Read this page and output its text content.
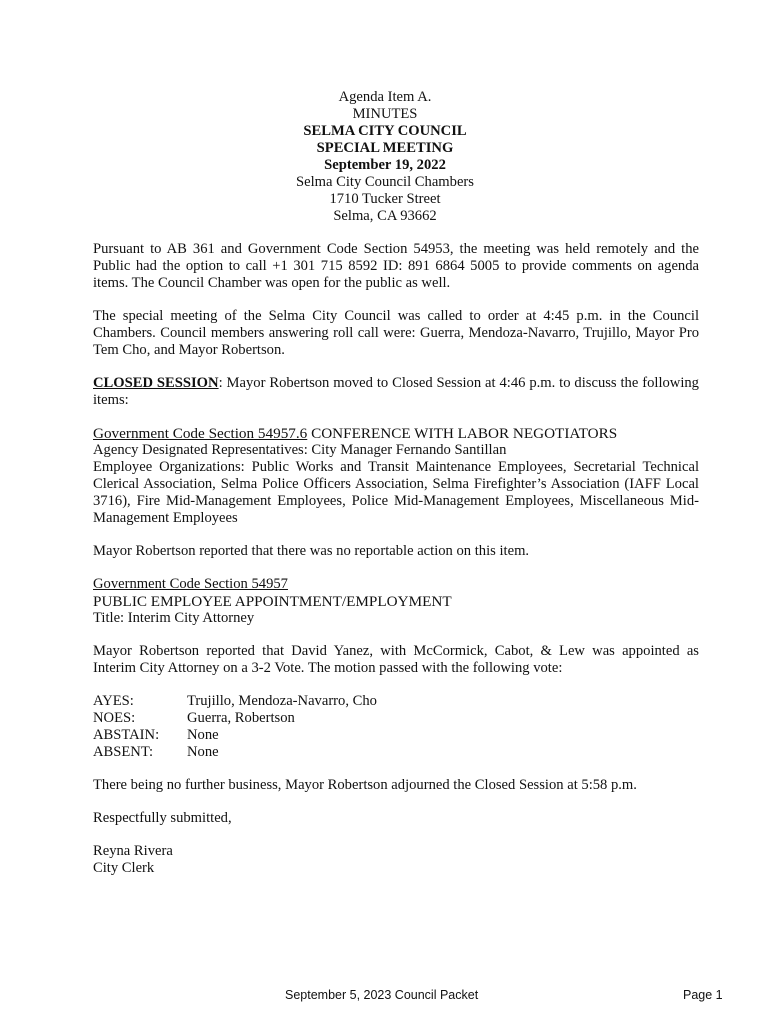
Agenda Item A.
MINUTES
SELMA CITY COUNCIL
SPECIAL MEETING
September 19, 2022
Selma City Council Chambers
1710 Tucker Street
Selma, CA 93662

Pursuant to AB 361 and Government Code Section 54953, the meeting was held remotely and the Public had the option to call +1 301 715 8592 ID: 891 6864 5005 to provide comments on agenda items. The Council Chamber was open for the public as well.

The special meeting of the Selma City Council was called to order at 4:45 p.m. in the Council Chambers. Council members answering roll call were: Guerra, Mendoza-Navarro, Trujillo, Mayor Pro Tem Cho, and Mayor Robertson.

CLOSED SESSION: Mayor Robertson moved to Closed Session at 4:46 p.m. to discuss the following items:

Government Code Section 54957.6 CONFERENCE WITH LABOR NEGOTIATORS

Agency Designated Representatives: City Manager Fernando Santillan

Employee Organizations: Public Works and Transit Maintenance Employees, Secretarial Technical Clerical Association, Selma Police Officers Association, Selma Firefighter’s Association (IAFF Local 3716), Fire Mid-Management Employees, Police Mid-Management Employees, Miscellaneous Mid- Management Employees

Mayor Robertson reported that there was no reportable action on this item.

Government Code Section 54957

PUBLIC EMPLOYEE APPOINTMENT/EMPLOYMENT

Title: Interim City Attorney

Mayor Robertson reported that David Yanez, with McCormick, Cabot, & Lew was appointed as Interim City Attorney on a 3-2 Vote. The motion passed with the following vote:

AYES:	Trujillo, Mendoza-Navarro, Cho
NOES:	Guerra, Robertson
ABSTAIN:	None
ABSENT:	None

There being no further business, Mayor Robertson adjourned the Closed Session at 5:58 p.m.

Respectfully submitted,

Reyna Rivera

City Clerk

September 5, 2023 Council Packet	Page 1
